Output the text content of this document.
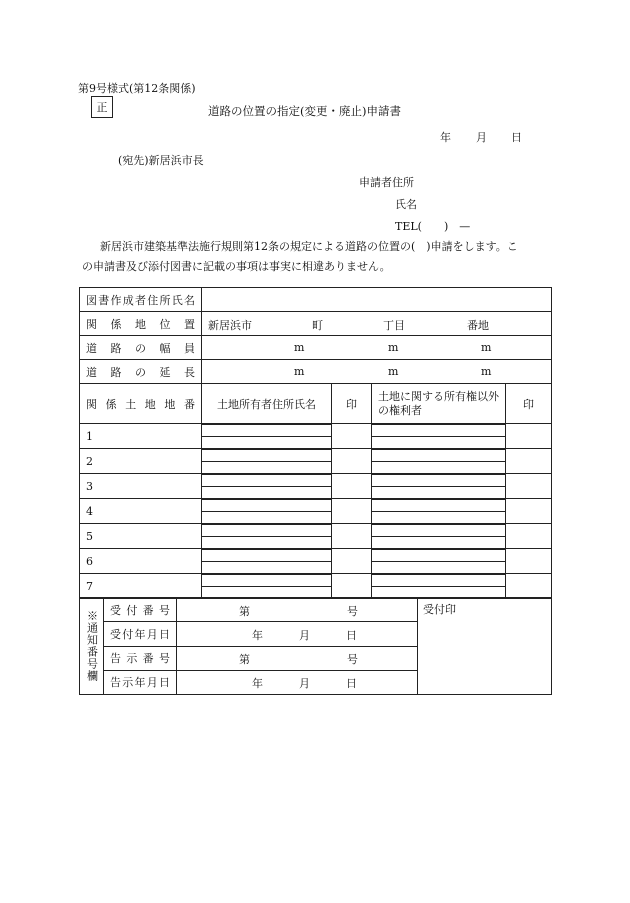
第9号様式(第12条関係)
正	道路の位置の指定(変更・廃止)申請書
年 月 日
(宛先)新居浜市長
申請者住所
氏名
TEL(　　)　—
新居浜市建築基準法施行規則第12条の規定による道路の位置の(　)申請をします。こ
の申請書及び添付図書に記載の事項は事実に相違ありません。
図書作成者住所氏名				
関係地位置	新居浜市 町 丁目 番地			

道路の幅員	m m m			

道路の延長	m m m			

関係土地地番	土地所有者住所氏名	印	土地に関する所有権以外の権利者	印
1	

2	

3	

4	

5	

6	

7	

※通知番号欄	受付番号	第 号	受付印

	受付年月日	年 月 日	

	告示番号	第 号	

	告示年月日	年 月 日	
